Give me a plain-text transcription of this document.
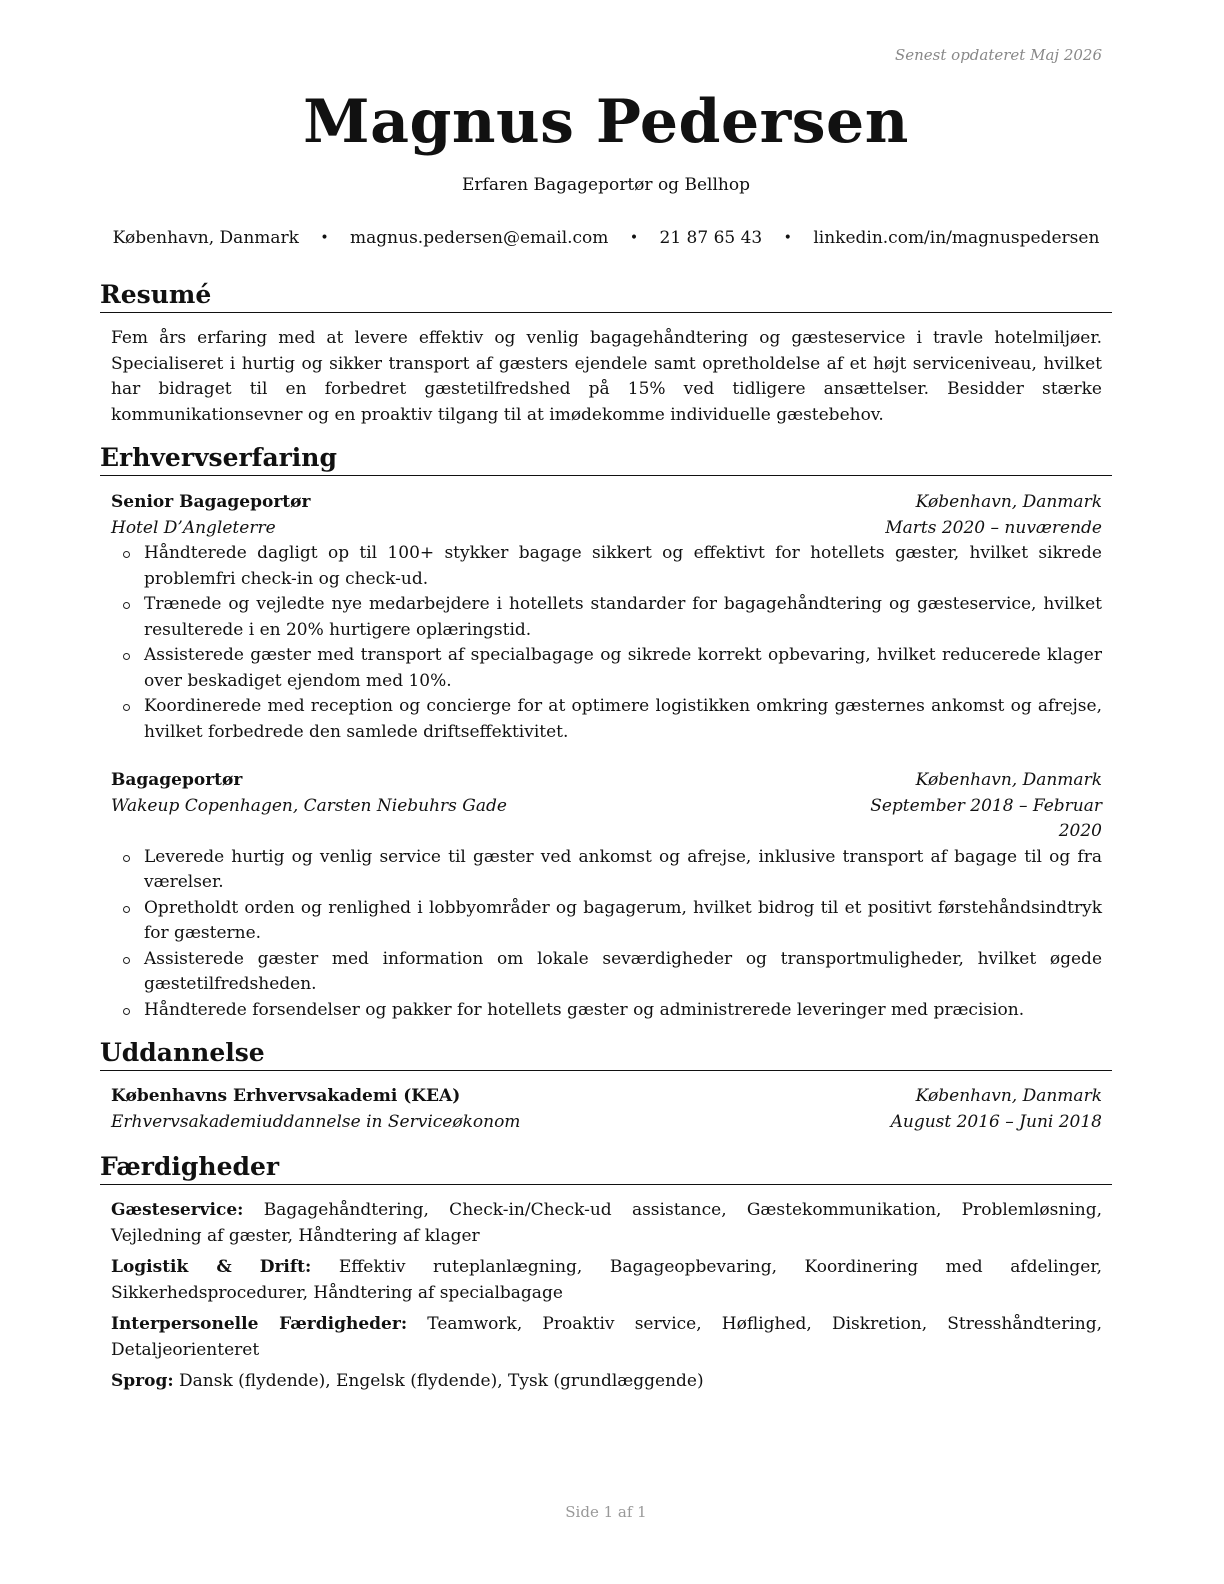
Senest opdateret Maj 2026
Magnus Pedersen
Erfaren Bagageportør og Bellhop
København, Danmark • magnus.pedersen@email.com • 21 87 65 43 • linkedin.com/in/magnuspedersen
Resumé
Fem års erfaring med at levere effektiv og venlig bagagehåndtering og gæsteservice i travle hotelmiljøer. Specialiseret i hurtig og sikker transport af gæsters ejendele samt opretholdelse af et højt serviceniveau, hvilket har bidraget til en forbedret gæstetilfredshed på 15% ved tidligere ansættelser. Besidder stærke kommunikationsevner og en proaktiv tilgang til at imødekomme individuelle gæstebehov.
Erhvervserfaring
Senior Bagageportør	København, Danmark
Hotel D’Angleterre	Marts 2020 – nuværende
Håndterede dagligt op til 100+ stykker bagage sikkert og effektivt for hotellets gæster, hvilket sikrede problemfri check-in og check-ud.
Trænede og vejledte nye medarbejdere i hotellets standarder for bagagehåndtering og gæsteservice, hvilket resulterede i en 20% hurtigere oplæringstid.
Assisterede gæster med transport af specialbagage og sikrede korrekt opbevaring, hvilket reducerede klager over beskadiget ejendom med 10%.
Koordinerede med reception og concierge for at optimere logistikken omkring gæsternes ankomst og afrejse, hvilket forbedrede den samlede driftseffektivitet.
Bagageportør	København, Danmark
Wakeup Copenhagen, Carsten Niebuhrs Gade	September 2018 – Februar 2020
Leverede hurtig og venlig service til gæster ved ankomst og afrejse, inklusive transport af bagage til og fra værelser.
Opretholdt orden og renlighed i lobbyområder og bagagerum, hvilket bidrog til et positivt førstehåndsindtryk for gæsterne.
Assisterede gæster med information om lokale seværdigheder og transportmuligheder, hvilket øgede gæstetilfredsheden.
Håndterede forsendelser og pakker for hotellets gæster og administrerede leveringer med præcision.
Uddannelse
Københavns Erhvervsakademi (KEA)	København, Danmark
Erhvervsakademiuddannelse in Serviceøkonom	August 2016 – Juni 2018
Færdigheder
Gæsteservice: Bagagehåndtering, Check-in/Check-ud assistance, Gæstekommunikation, Problemløsning, Vejledning af gæster, Håndtering af klager
Logistik & Drift: Effektiv ruteplanlægning, Bagageopbevaring, Koordinering med afdelinger, Sikkerhedsprocedurer, Håndtering af specialbagage
Interpersonelle Færdigheder: Teamwork, Proaktiv service, Høflighed, Diskretion, Stresshåndtering, Detaljeorienteret
Sprog: Dansk (flydende), Engelsk (flydende), Tysk (grundlæggende)
Side 1 af 1
